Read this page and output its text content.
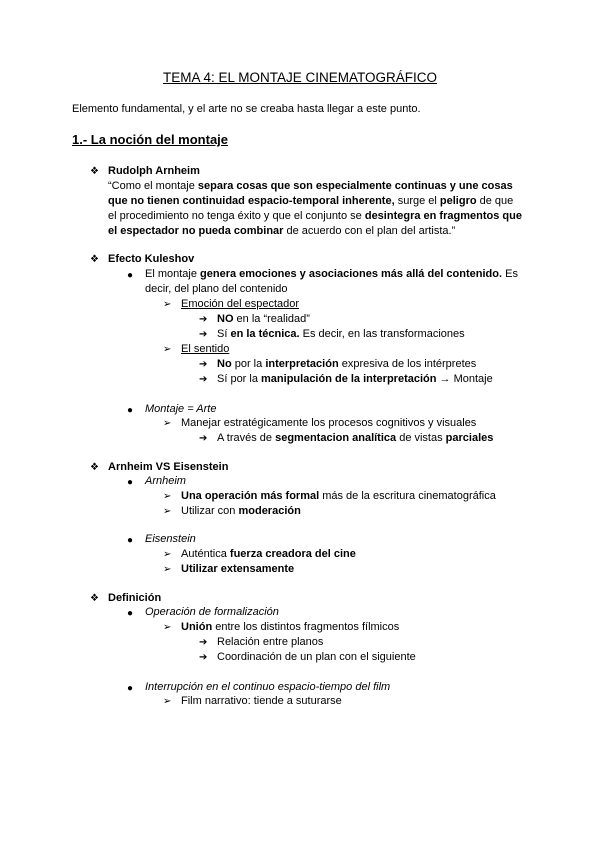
TEMA 4: EL MONTAJE CINEMATOGRÁFICO
Elemento fundamental, y el arte no se creaba hasta llegar a este punto.
1.- La noción del montaje
❖ Rudolph Arnheim
“Como el montaje separa cosas que son especialmente continuas y une cosas
que no tienen continuidad espacio-temporal inherente, surge el peligro de que
el procedimiento no tenga éxito y que el conjunto se desintegra en fragmentos que
el espectador no pueda combinar de acuerdo con el plan del artista.”
❖ Efecto Kuleshov
● El montaje genera emociones y asociaciones más allá del contenido. Es
decir, del plano del contenido
➢ Emoción del espectador
➔ NO en la “realidad”
➔ Sí en la técnica. Es decir, en las transformaciones
➢ El sentido
➔ No por la interpretación expresiva de los intérpretes
➔ Sí por la manipulación de la interpretación → Montaje
● Montaje = Arte
➢ Manejar estratégicamente los procesos cognitivos y visuales
➔ A través de segmentacion analítica de vistas parciales
❖ Arnheim VS Eisenstein
● Arnheim
➢ Una operación más formal más de la escritura cinematográfica
➢ Utilizar con moderación
● Eisenstein
➢ Auténtica fuerza creadora del cine
➢ Utilizar extensamente
❖ Definición
● Operación de formalización
➢ Unión entre los distintos fragmentos fílmicos
➔ Relación entre planos
➔ Coordinación de un plan con el siguiente
● Interrupción en el continuo espacio-tiempo del film
➢ Film narrativo: tiende a suturarse
